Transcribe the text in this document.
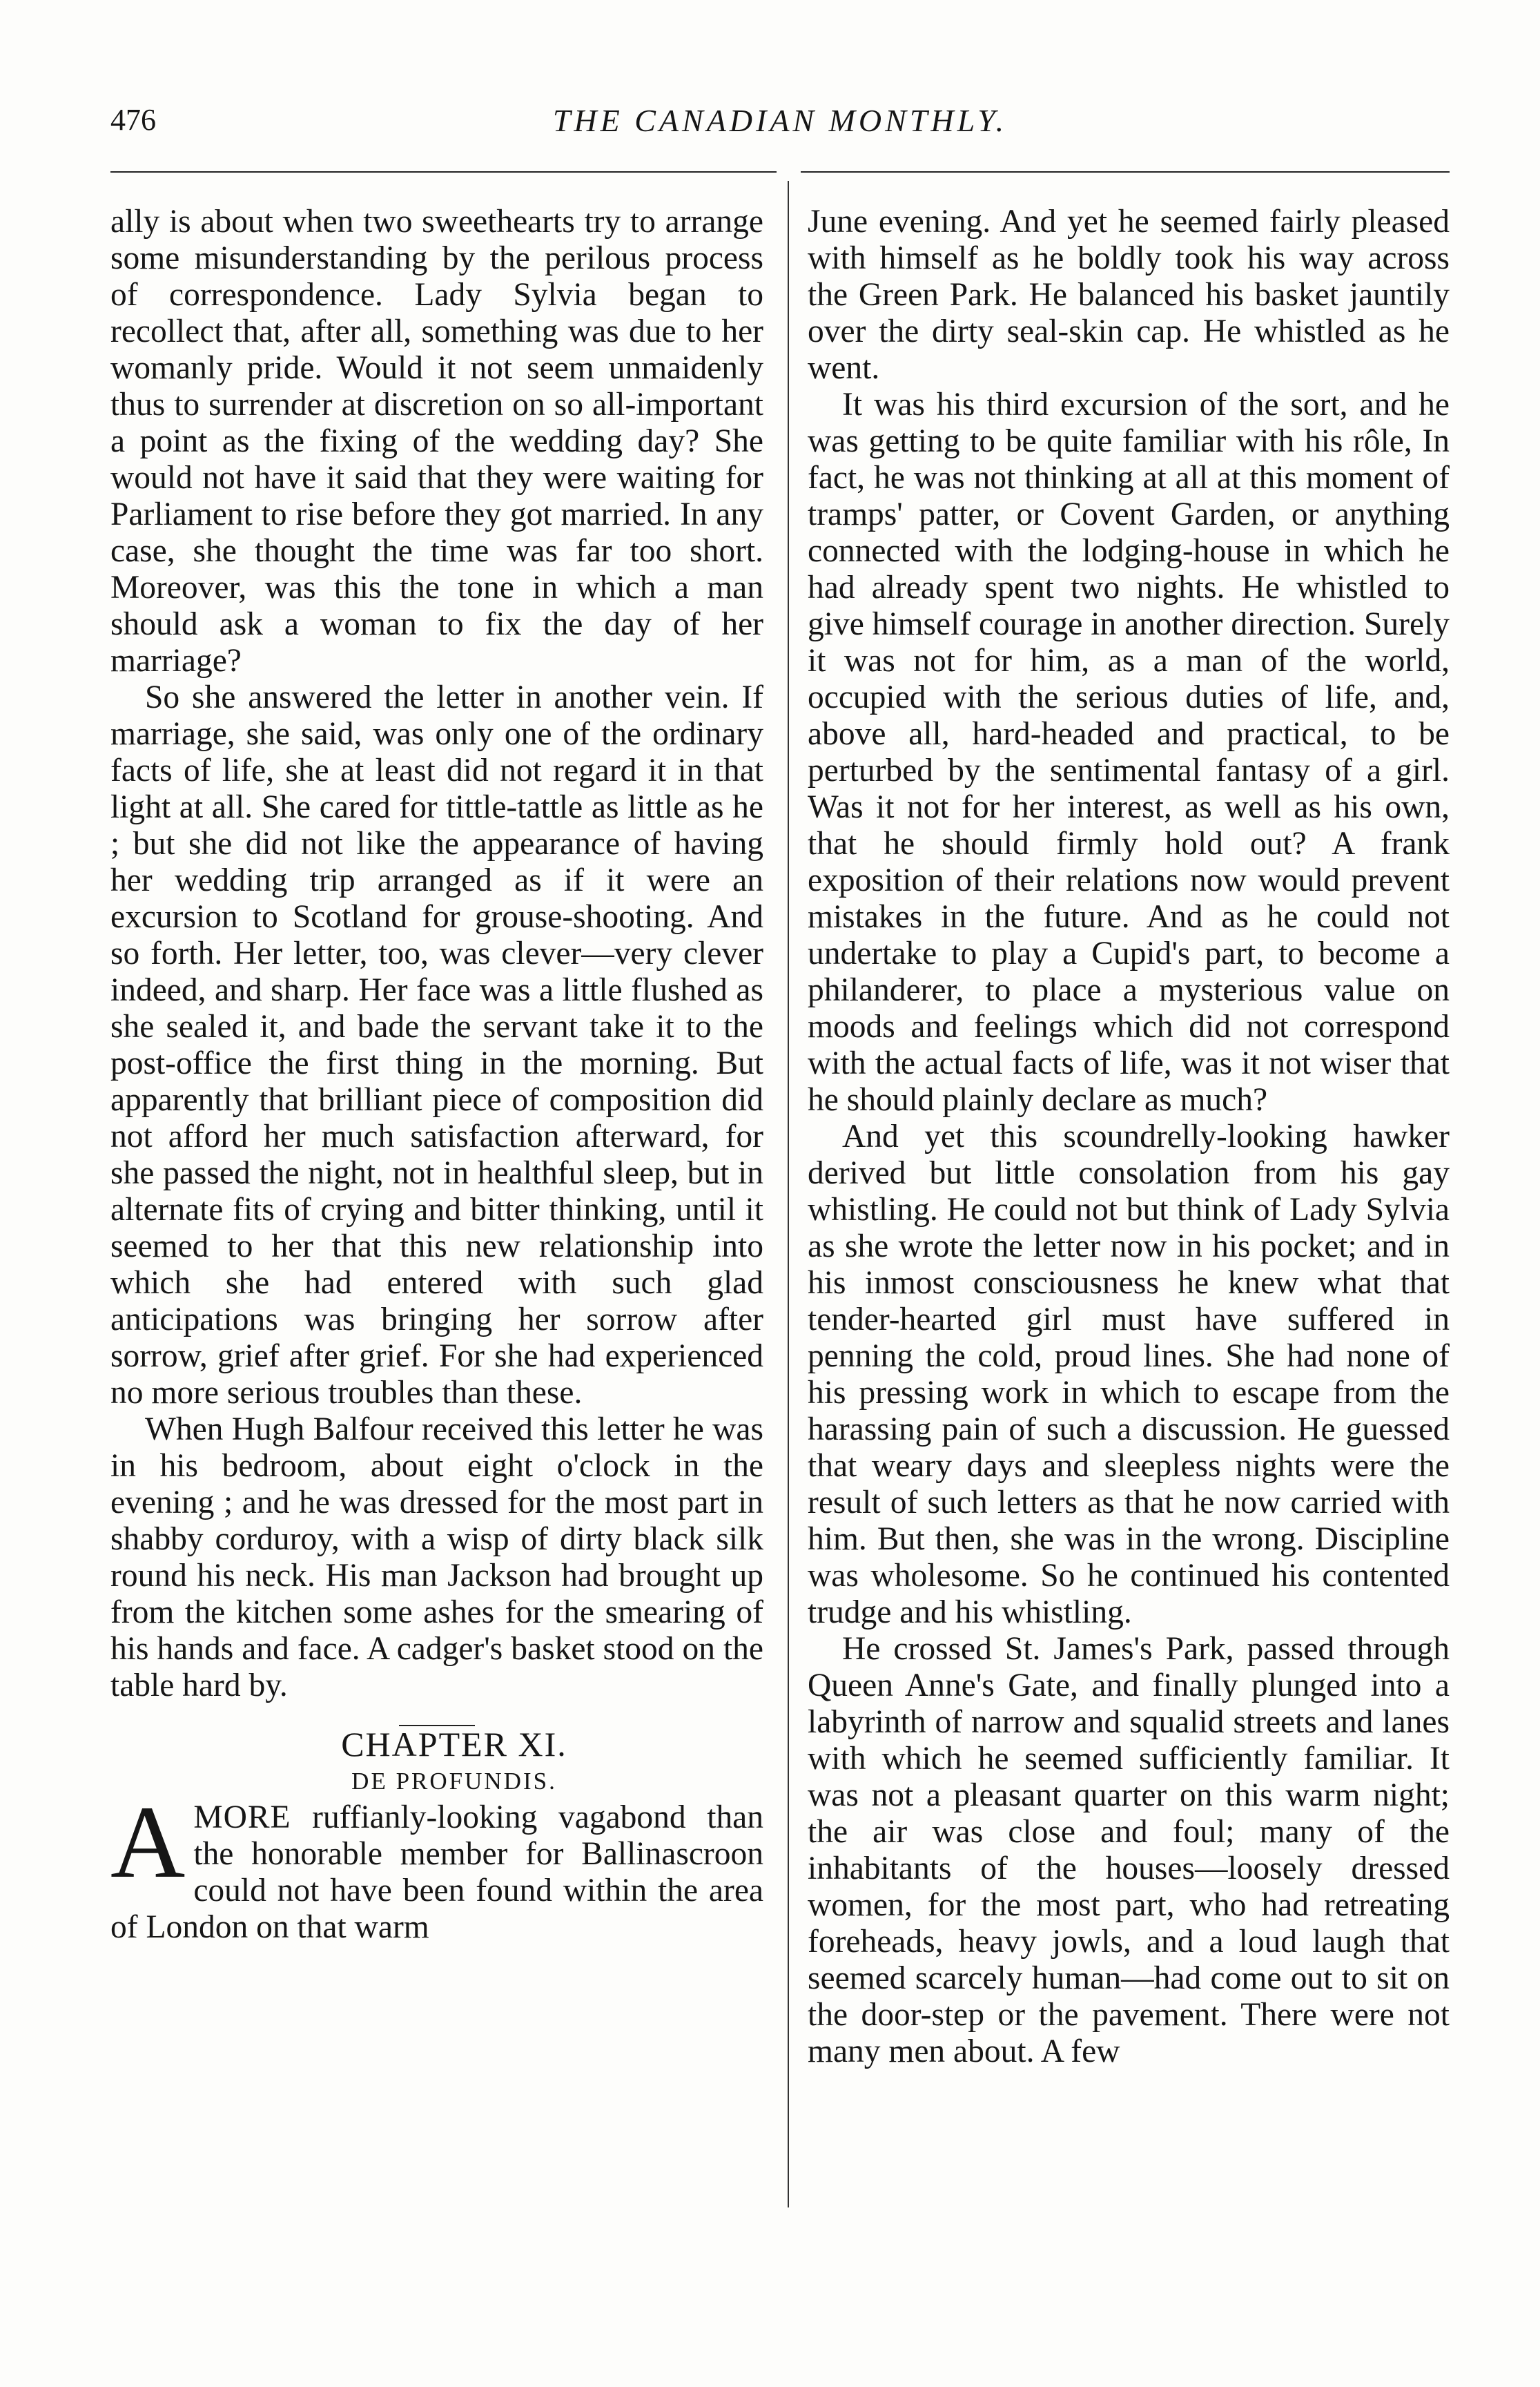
476	THE CANADIAN MONTHLY.

ally is about when two sweethearts try to arrange some misunderstanding by the perilous process of correspondence. Lady Sylvia began to recollect that, after all, something was due to her womanly pride. Would it not seem unmaidenly thus to surrender at discretion on so all-important a point as the fixing of the wedding day? She would not have it said that they were waiting for Parliament to rise before they got married. In any case, she thought the time was far too short. Moreover, was this the tone in which a man should ask a woman to fix the day of her marriage?

So she answered the letter in another vein. If marriage, she said, was only one of the ordinary facts of life, she at least did not regard it in that light at all. She cared for tittle-tattle as little as he ; but she did not like the appearance of having her wedding trip arranged as if it were an excursion to Scotland for grouse-shooting. And so forth. Her letter, too, was clever—very clever indeed, and sharp. Her face was a little flushed as she sealed it, and bade the servant take it to the post-office the first thing in the morning. But apparently that brilliant piece of composition did not afford her much satisfaction afterward, for she passed the night, not in healthful sleep, but in alternate fits of crying and bitter thinking, until it seemed to her that this new relationship into which she had entered with such glad anticipations was bringing her sorrow after sorrow, grief after grief. For she had experienced no more serious troubles than these.

When Hugh Balfour received this letter he was in his bedroom, about eight o'clock in the evening ; and he was dressed for the most part in shabby corduroy, with a wisp of dirty black silk round his neck. His man Jackson had brought up from the kitchen some ashes for the smearing of his hands and face. A cadger's basket stood on the table hard by.

CHAPTER XI.

DE PROFUNDIS.

AMORE ruffianly-looking vagabond than the honorable member for Ballinascroon could not have been found within the area of London on that warm

June evening. And yet he seemed fairly pleased with himself as he boldly took his way across the Green Park. He balanced his basket jauntily over the dirty seal-skin cap. He whistled as he went.

It was his third excursion of the sort, and he was getting to be quite familiar with his rôle, In fact, he was not thinking at all at this moment of tramps' patter, or Covent Garden, or anything connected with the lodging-house in which he had already spent two nights. He whistled to give himself courage in another direction. Surely it was not for him, as a man of the world, occupied with the serious duties of life, and, above all, hard-headed and practical, to be perturbed by the sentimental fantasy of a girl. Was it not for her interest, as well as his own, that he should firmly hold out? A frank exposition of their relations now would prevent mistakes in the future. And as he could not undertake to play a Cupid's part, to become a philanderer, to place a mysterious value on moods and feelings which did not correspond with the actual facts of life, was it not wiser that he should plainly declare as much?

And yet this scoundrelly-looking hawker derived but little consolation from his gay whistling. He could not but think of Lady Sylvia as she wrote the letter now in his pocket; and in his inmost consciousness he knew what that tender-hearted girl must have suffered in penning the cold, proud lines. She had none of his pressing work in which to escape from the harassing pain of such a discussion. He guessed that weary days and sleepless nights were the result of such letters as that he now carried with him. But then, she was in the wrong. Discipline was wholesome. So he continued his contented trudge and his whistling.

He crossed St. James's Park, passed through Queen Anne's Gate, and finally plunged into a labyrinth of narrow and squalid streets and lanes with which he seemed sufficiently familiar. It was not a pleasant quarter on this warm night; the air was close and foul; many of the inhabitants of the houses—loosely dressed women, for the most part, who had retreating foreheads, heavy jowls, and a loud laugh that seemed scarcely human—had come out to sit on the door-step or the pavement. There were not many men about. A few
